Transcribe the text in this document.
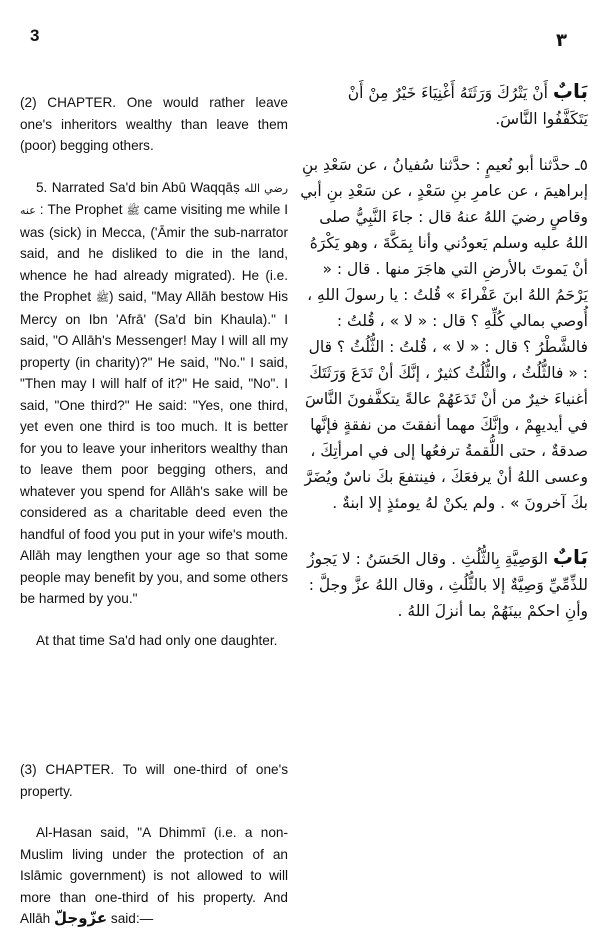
3	٣

(2) CHAPTER. One would rather leave one's inheritors wealthy than leave them (poor) begging others.

5. Narrated Sa'd bin Abū Waqqāṣ رضي الله عنه : The Prophet ﷺ came visiting me while I was (sick) in Mecca, ('Āmir the sub-narrator said, and he disliked to die in the land, whence he had already migrated). He (i.e. the Prophet ﷺ) said, "May Allāh bestow His Mercy on Ibn 'Afrā' (Sa'd bin Khaula)." I said, "O Allāh's Messenger! May I will all my property (in charity)?" He said, "No." I said, "Then may I will half of it?" He said, "No". I said, "One third?" He said: "Yes, one third, yet even one third is too much. It is better for you to leave your inheritors wealthy than to leave them poor begging others, and whatever you spend for Allāh's sake will be considered as a charitable deed even the handful of food you put in your wife's mouth. Allāh may lengthen your age so that some people may benefit by you, and some others be harmed by you."

At that time Sa'd had only one daughter.

(3) CHAPTER. To will one-third of one's property.

Al-Hasan said, "A Dhimmī (i.e. a non-Muslim living under the protection of an Islāmic government) is not allowed to will more than one-third of his property. And Allāh عزّوجلّ said:—

بَابٌ أَنْ يَتْرُكَ وَرَثَتَهُ أَغْنِيَاءَ خَيْرٌ مِنْ أَنْ يَتَكَفَّفُوا النَّاسَ.

٥ـ حدَّثنا أبو نُعيمٍ : حدَّثنا سُفيانُ ، عن سَعْدِ بنِ إبراهيمَ ، عن عامرِ بنِ سَعْدٍ ، عن سَعْدِ بنِ أبي وقاصٍ رضيَ اللهُ عنهُ قال : جاءَ النَّبِيُّ صلى اللهُ عليه وسلم يَعودُني وأنا بِمَكَّةَ ، وهو يَكْرَهُ أنْ يَموتَ بالأرضِ التي هاجَرَ منها . قال : « يَرْحَمُ اللهُ ابنَ عَفْراءَ » قُلتُ : يا رسولَ اللهِ ، أُوصي بمالي كُلِّهِ ؟ قال : « لا » ، قُلتُ : فالشَّطْرُ ؟ قال : « لا » ، قُلتُ : الثُّلُثُ ؟ قال : « فالثُّلُثُ ، والثُّلُثُ كثيرٌ ، إنَّكَ أنْ تَدَعَ وَرَثَتَكَ أغنياءَ خيرٌ من أنْ تَدَعَهُمْ عالةً يتكفَّفونَ النَّاسَ في أيديهِمْ ، وإنَّكَ مهما أنفقتَ من نفقةٍ فإنَّها صدقةٌ ، حتى اللُّقمةُ ترفعُها إلى في امرأتِكَ ، وعسى اللهُ أنْ يرفعَكَ ، فينتفعَ بكَ ناسٌ ويُضَرَّ بكَ آخرونَ » . ولم يكنْ لهُ يومئذٍ إلا ابنةٌ .

بَابٌ الوَصِيَّةِ بِالثُّلُثِ . وقال الحَسَنُ : لا يَجوزُ للذِّمِّيِّ وَصِيَّةٌ إلا بالثُّلُثِ ، وقال اللهُ عزَّ وجلَّ : وأنِ احكمْ بينَهُمْ بما أنزلَ اللهُ .
